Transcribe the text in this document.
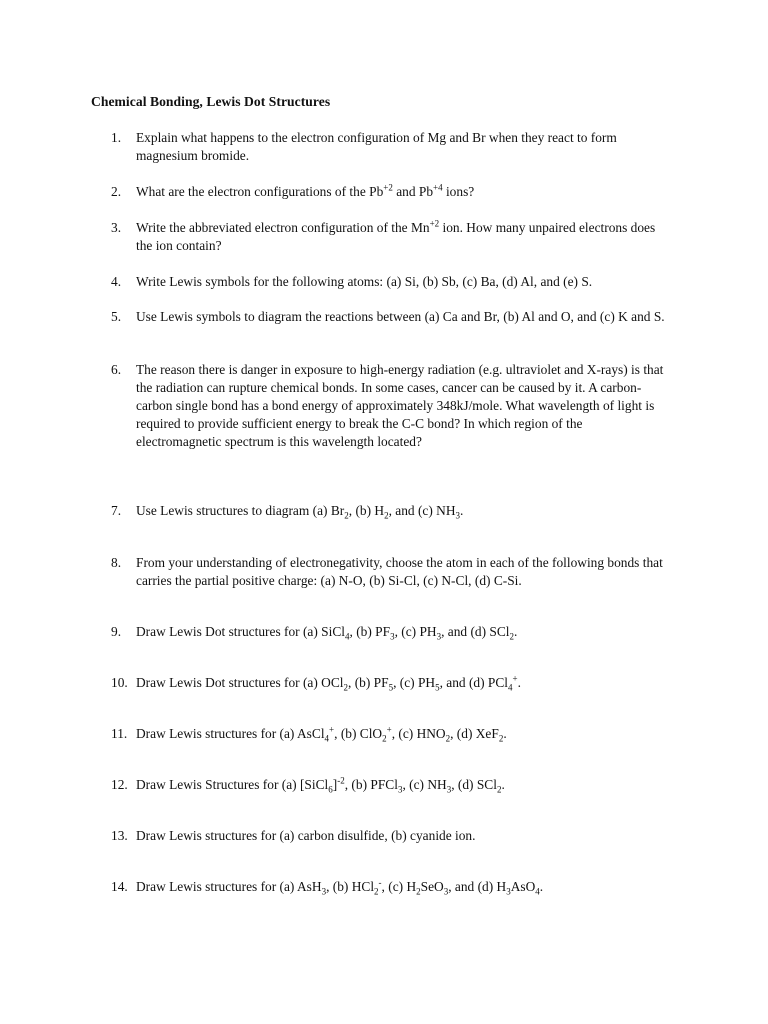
Chemical Bonding, Lewis Dot Structures
1.	Explain what happens to the electron configuration of Mg and Br when they react to form magnesium bromide.
2.	What are the electron configurations of the $Pb^{+2}$ and $Pb^{+4}$ ions?
3.	Write the abbreviated electron configuration of the $Mn^{+2}$ ion. How many unpaired electrons does the ion contain?
4.	Write Lewis symbols for the following atoms: (a) Si, (b) Sb, (c) Ba, (d) Al, and (e) S.
5.	Use Lewis symbols to diagram the reactions between (a) Ca and Br, (b) Al and O, and (c) K and S.
6.	The reason there is danger in exposure to high-energy radiation (e.g. ultraviolet and X-rays) is that the radiation can rupture chemical bonds. In some cases, cancer can be caused by it. A carbon-carbon single bond has a bond energy of approximately 348kJ/mole. What wavelength of light is required to provide sufficient energy to break the C-C bond? In which region of the electromagnetic spectrum is this wavelength located?
7.	Use Lewis structures to diagram (a) $Br_2$, (b) $H_2$, and (c) $NH_3$.
8.	From your understanding of electronegativity, choose the atom in each of the following bonds that carries the partial positive charge: (a) N-O, (b) Si-Cl, (c) N-Cl, (d) C-Si.
9.	Draw Lewis Dot structures for (a) SiCl$_4$, (b) $PF_3$, (c) $PH_3$, and (d) SCl$_2$.
10. Draw Lewis Dot structures for (a) OCl$_2$, (b) $PF_5$, (c) $PH_5$, and (d) PCl$_4$+.
11. Draw Lewis structures for (a) AsCl$_4$+, (b) ClO$_2$+, (c) $HNO_2$, (d) XeF$_2$.
12. Draw Lewis Structures for (a) [SiCl$_6$]$^{-2}$, (b) PFCl$_3$, (c) $NH_3$, (d) SCl$_2$.
13. Draw Lewis structures for (a) carbon disulfide, (b) cyanide ion.
14. Draw Lewis structures for (a) AsH$_3$, (b) HCl$_2$-, (c) $H_2SeO_3$, and (d) $H_3AsO_4$.
